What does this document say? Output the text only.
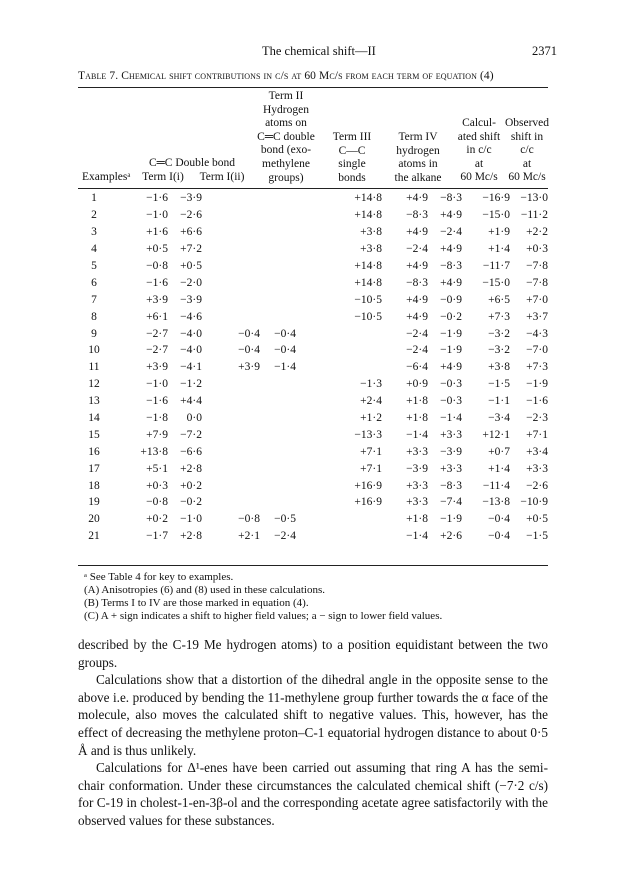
The chemical shift—II	2371
Table 7. Chemical shift contributions in c/s at 60 Mc/s from each term of equation (4)
Examplesᵃ
C═C Double bond
Term I(i)	Term I(ii)
Term II
Hydrogen
atoms on
C═C double
bond (exo-
methylene
groups)
Term III
C—C
single
bonds
Term IV
hydrogen
atoms in
the alkane
Calcul-
ated shift
in c/c
at
60 Mc/s
Observed
shift in
c/c
at
60 Mc/s
1	−1·6	−3·9			+14·8	+4·9	−8·3	−16·9	−13·0
2	−1·0	−2·6			+14·8	−8·3	+4·9	−15·0	−11·2
3	+1·6	+6·6			+3·8	+4·9	−2·4	+1·9	+2·2
4	+0·5	+7·2			+3·8	−2·4	+4·9	+1·4	+0·3
5	−0·8	+0·5			+14·8	+4·9	−8·3	−11·7	−7·8
6	−1·6	−2·0			+14·8	−8·3	+4·9	−15·0	−7·8
7	+3·9	−3·9			−10·5	+4·9	−0·9	+6·5	+7·0
8	+6·1	−4·6			−10·5	+4·9	−0·2	+7·3	+3·7
9	−2·7	−4·0	−0·4	−0·4		−2·4	−1·9	−3·2	−4·3
10	−2·7	−4·0	−0·4	−0·4		−2·4	−1·9	−3·2	−7·0
11	+3·9	−4·1	+3·9	−1·4		−6·4	+4·9	+3·8	+7·3
12	−1·0	−1·2			−1·3	+0·9	−0·3	−1·5	−1·9
13	−1·6	+4·4			+2·4	+1·8	−0·3	−1·1	−1·6
14	−1·8	0·0			+1·2	+1·8	−1·4	−3·4	−2·3
15	+7·9	−7·2			−13·3	−1·4	+3·3	+12·1	+7·1
16	+13·8	−6·6			+7·1	+3·3	−3·9	+0·7	+3·4
17	+5·1	+2·8			+7·1	−3·9	+3·3	+1·4	+3·3
18	+0·3	+0·2			+16·9	+3·3	−8·3	−11·4	−2·6
19	−0·8	−0·2			+16·9	+3·3	−7·4	−13·8	−10·9
20	+0·2	−1·0	−0·8	−0·5		+1·8	−1·9	−0·4	+0·5
21	−1·7	+2·8	+2·1	−2·4		−1·4	+2·6	−0·4	−1·5
ᵃ See Table 4 for key to examples.
(A) Anisotropies (6) and (8) used in these calculations.
(B) Terms I to IV are those marked in equation (4).
(C) A + sign indicates a shift to higher field values; a − sign to lower field values.

described by the C-19 Me hydrogen atoms) to a position equidistant between the two groups.

Calculations show that a distortion of the dihedral angle in the opposite sense to the above i.e. produced by bending the 11-methylene group further towards the α face of the molecule, also moves the calculated shift to negative values. This, however, has the effect of decreasing the methylene proton–C-1 equatorial hydrogen distance to about 0·5 Å and is thus unlikely.

Calculations for Δ¹-enes have been carried out assuming that ring A has the semi-chair conformation. Under these circumstances the calculated chemical shift (−7·2 c/s) for C-19 in cholest-1-en-3β-ol and the corresponding acetate agree satisfactorily with the observed values for these substances.
